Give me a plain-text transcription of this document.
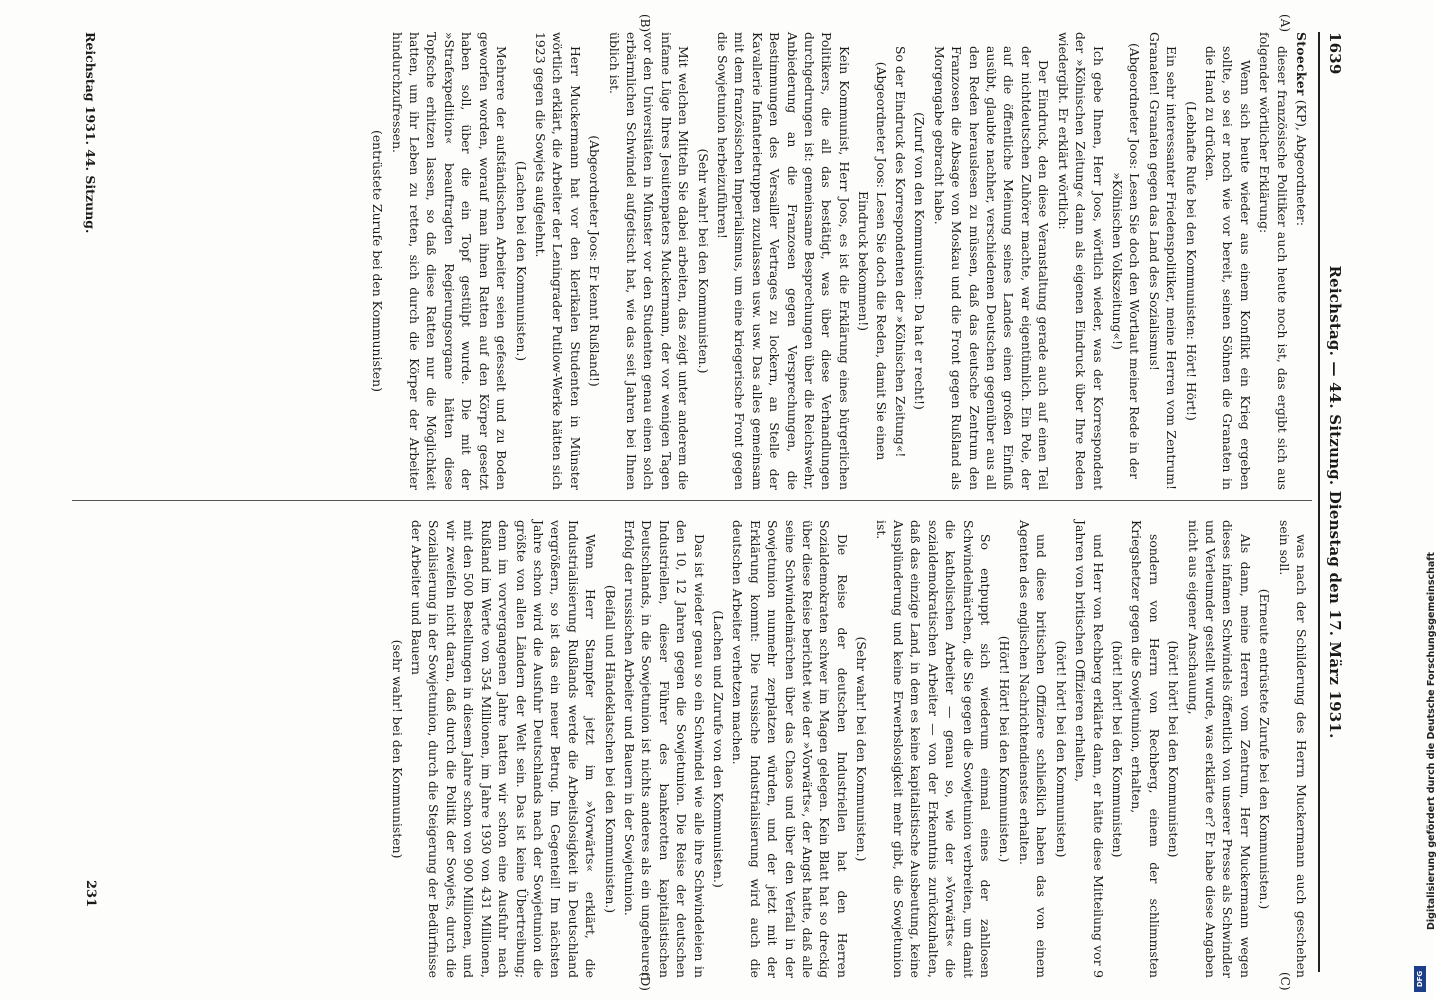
1639
Reichstag. — 44. Sitzung. Dienstag den 17. März 1931.
(A)
(B)
(C)
(D)

Stoecker (KP), Abgeordneter:

dieser französische Politiker auch heute noch ist, das ergibt sich aus folgender wörtlicher Erklärung:

Wenn sich heute wieder aus einem Konflikt ein Krieg ergeben sollte, so sei er noch wie vor bereit, seinen Söhnen die Granaten in die Hand zu drücken.

(Lebhafte Rufe bei den Kommunisten: Hört! Hört!)

Ein sehr interessanter Friedenspolitiker, meine Herren vom Zentrum! Granaten! Granaten gegen das Land des Sozialismus!

(Abgeordneter Joos: Lesen Sie doch den Wortlaut meiner Rede in der »Kölnischen Volkszeitung«!)

Ich gebe Ihnen, Herr Joos, wörtlich wieder, was der Korrespondent der »Kölnischen Zeitung« dann als eigenen Eindruck über Ihre Reden wiedergibt. Er erklärt wörtlich:

Der Eindruck, den diese Veranstaltung gerade auch auf einen Teil der nichtdeutschen Zuhörer machte, war eigentümlich. Ein Pole, der auf die öffentliche Meinung seines Landes einen großen Einfluß ausübt, glaubte nachher, verschiedenen Deutschen gegenüber aus all den Reden herauslesen zu müssen, daß das deutsche Zentrum den Franzosen die Absage von Moskau und die Front gegen Rußland als Morgengabe gebracht habe.

(Zuruf von den Kommunisten: Da hat er recht!)

So der Eindruck des Korrespondenten der »Kölnischen Zeitung«!

(Abgeordneter Joos: Lesen Sie doch die Reden, damit Sie einen Eindruck bekommen!)

Kein Kommunist, Herr Joos, es ist die Erklärung eines bürgerlichen Politikers, die all das bestätigt, was über diese Verhandlungen durchgedrungen ist: gemeinsame Besprechungen über die Reichswehr, Anbiederung an die Franzosen gegen Versprechungen, die Bestimmungen des Versailler Vertrages zu lockern, an Stelle der Kavallerie Infanterietruppen zuzulassen usw. usw. Das alles gemeinsam mit dem französischen Imperialismus, um eine kriegerische Front gegen die Sowjetunion herbeizuführen!

(Sehr wahr! bei den Kommunisten.)

Mit welchen Mitteln Sie dabei arbeiten, das zeigt unter anderem die infame Lüge Ihres Jesuitenpaters Muckermann, der vor wenigen Tagen vor den Universitäten in Münster vor den Studenten genau einen solch erbärmlichen Schwindel aufgetischt hat, wie das seit Jahren bei Ihnen üblich ist.

(Abgeordneter Joos: Er kennt Rußland!)

Herr Muckermann hat vor den klerikalen Studenten in Münster wörtlich erklärt, die Arbeiter der Leningrader Putilow-Werke hätten sich 1923 gegen die Sowjets aufgelehnt.

(Lachen bei den Kommunisten.)

Mehrere der aufständischen Arbeiter seien gefesselt und zu Boden geworfen worden, worauf man ihnen Ratten auf den Körper gesetzt haben soll, über die ein Topf gestülpt wurde. Die mit der »Strafexpedition« beauftragten Regierungsorgane hätten diese Topfsche erhitzen lassen, so daß diese Ratten nur die Möglichkeit hatten, um ihr Leben zu retten, sich durch die Körper der Arbeiter hindurchzufressen.

(entrüstete Zurufe bei den Kommunisten)

was nach der Schilderung des Herrn Muckermann auch geschehen sein soll.

(Erneute entrüstete Zurufe bei den Kommunisten.)

Als dann, meine Herren vom Zentrum, Herr Muckermann wegen dieses infamen Schwindels öffentlich von unserer Presse als Schwindler und Verleumder gestellt wurde, was erklärte er? Er habe diese Angaben nicht aus eigener Anschauung,

(hört! hört! bei den Kommunisten)

sondern von Herrn von Rechberg, einem der schlimmsten Kriegshetzer gegen die Sowjetunion, erhalten,

(hört! hört! bei den Kommunisten)

und Herr von Rechberg erklärte dann, er hätte diese Mitteilung vor 9 Jahren von britischen Offizieren erhalten,

(hört! hört! bei den Kommunisten)

und diese britischen Offiziere schließlich haben das von einem Agenten des englischen Nachrichtendienstes erhalten.

(Hört! Hört! bei den Kommunisten.)

So entpuppt sich wiederum einmal eines der zahllosen Schwindelmärchen, die Sie gegen die Sowjetunion verbreiten, um damit die katholischen Arbeiter — genau so, wie der »Vorwärts« die sozialdemokratischen Arbeiter — von der Erkenntnis zurückzuhalten, daß das einzige Land, in dem es keine kapitalistische Ausbeutung, keine Ausplünderung und keine Erwerbslosigkeit mehr gibt, die Sowjetunion ist.

(Sehr wahr! bei den Kommunisten.)

Die Reise der deutschen Industriellen hat den Herren Sozialdemokraten schwer im Magen gelegen. Kein Blatt hat so dreckig über diese Reise berichtet wie der »Vorwärts«, der Angst hatte, daß alle seine Schwindelmärchen über das Chaos und über den Verfall in der Sowjetunion nunmehr zerplatzen würden, und der jetzt mit der Erklärung kommt: Die russische Industrialisierung wird auch die deutschen Arbeiter verhetzen machen.

(Lachen und Zurufe von den Kommunisten.)

Das ist wieder genau so ein Schwindel wie alle ihre Schwindeleien in den 10, 12 Jahren gegen die Sowjetunion. Die Reise der deutschen Industriellen, dieser Führer des bankerotten kapitalistischen Deutschlands, in die Sowjetunion ist nichts anderes als ein ungeheurer Erfolg der russischen Arbeiter und Bauern in der Sowjetunion.

(Beifall und Händeklatschen bei den Kommunisten.)

Wenn Herr Stampfer jetzt im »Vorwärts« erklärt, die Industrialisierung Rußlands werde die Arbeitslosigkeit in Deutschland vergrößern, so ist das ein neuer Betrug. Im Gegenteil! Im nächsten Jahre schon wird die Ausfuhr Deutschlands nach der Sowjetunion die größte von allen Ländern der Welt sein. Das ist keine Übertreibung; denn im vorvergangenen Jahre hatten wir schon eine Ausfuhr nach Rußland im Werte von 354 Millionen, im Jahre 1930 von 431 Millionen, mit den 500 Bestellungen in diesem Jahre schon von 900 Millionen, und wir zweifeln nicht daran, daß durch die Politik der Sowjets, durch die Sozialisierung in der Sowjetunion, durch die Steigerung der Bedürfnisse der Arbeiter und Bauern

(sehr wahr! bei den Kommunisten)

Reichstag 1931. 44. Sitzung.
231	Digitalisierung gefördert durch die Deutsche Forschungsgemeinschaft
DFG
